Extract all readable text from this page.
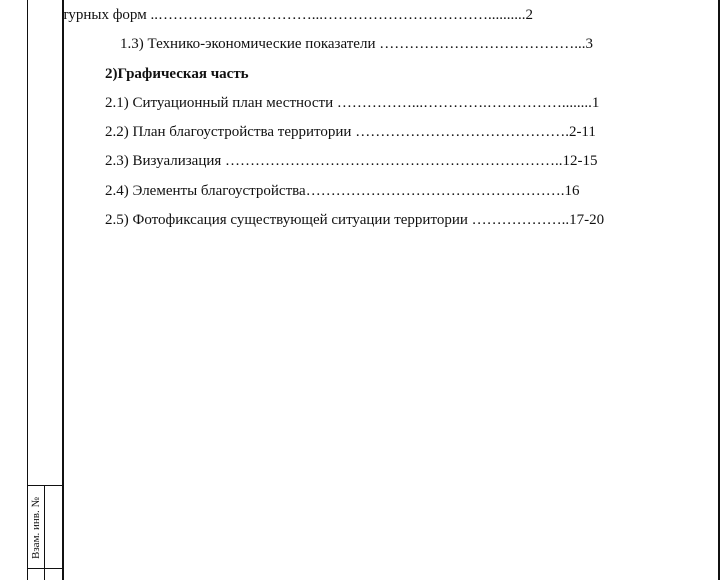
Взам. инв. №
турных форм ..……………….…………...……………………………..........2
1.3) Технико-экономические показатели …………………………………...3
2)Графическая часть
2.1) Ситуационный план местности ……………...………….……………........1
2.2) План благоустройства территории …………………………………….2-11
2.3) Визуализация …………………………………………………………..12-15
2.4) Элементы благоустройства…………………………………………….16
2.5) Фотофиксация существующей ситуации территории ………………..17-20
